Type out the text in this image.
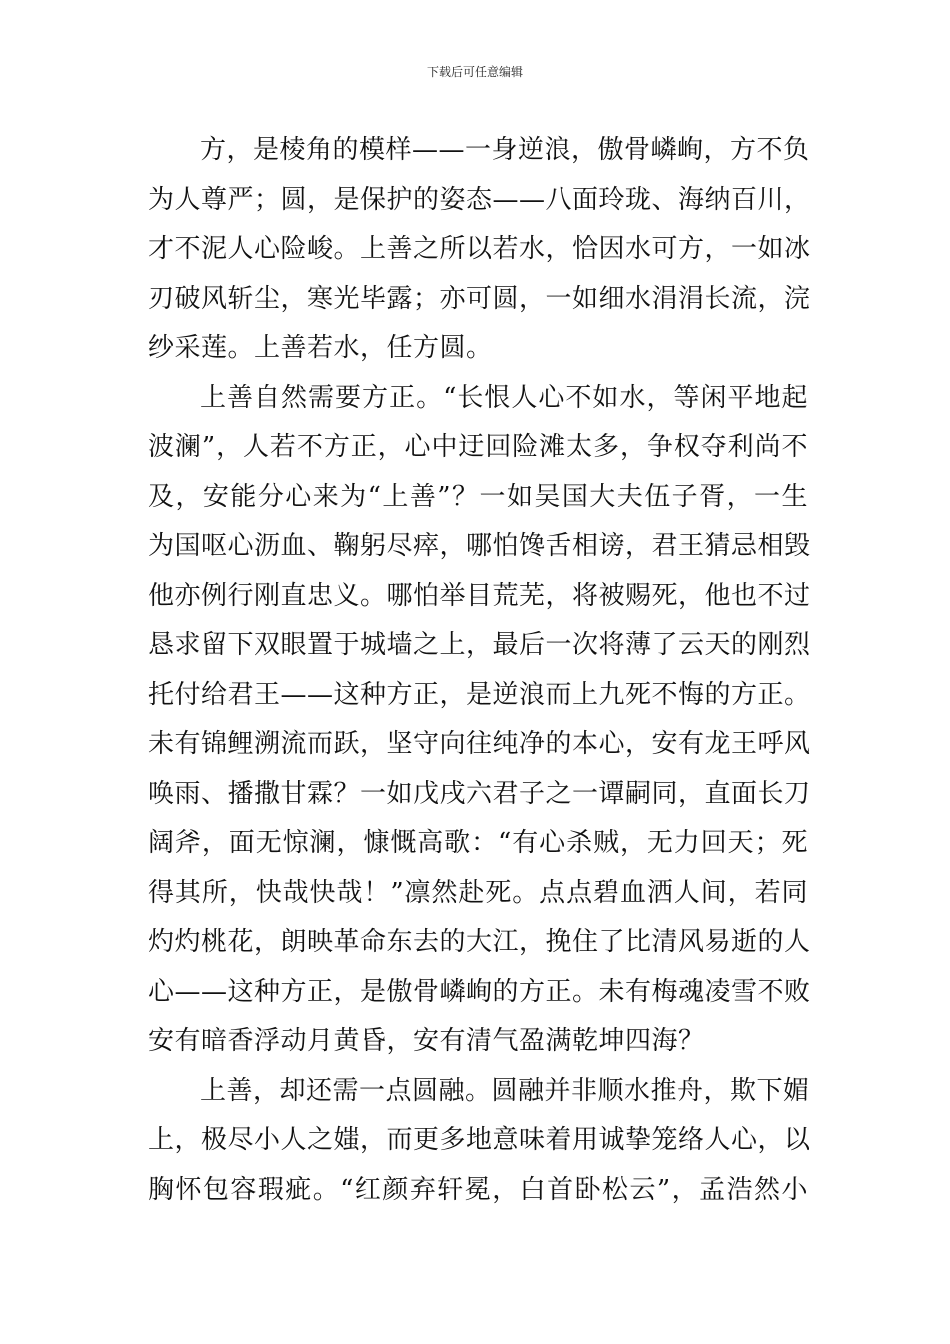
下载后可任意编辑
方，是棱角的模样——一身逆浪，傲骨嶙峋，方不负
为人尊严；圆，是保护的姿态——八面玲珑、海纳百川，
才不泥人心险峻。上善之所以若水，恰因水可方，一如冰
刃破风斩尘，寒光毕露；亦可圆，一如细水涓涓长流，浣
纱采莲。上善若水，任方圆。
上善自然需要方正。“长恨人心不如水，等闲平地起
波澜”，人若不方正，心中迂回险滩太多，争权夺利尚不
及，安能分心来为“上善”？一如吴国大夫伍子胥，一生
为国呕心沥血、鞠躬尽瘁，哪怕馋舌相谤，君王猜忌相毁
他亦例行刚直忠义。哪怕举目荒芜，将被赐死，他也不过
恳求留下双眼置于城墙之上，最后一次将薄了云天的刚烈
托付给君王——这种方正，是逆浪而上九死不悔的方正。
未有锦鲤溯流而跃，坚守向往纯净的本心，安有龙王呼风
唤雨、播撒甘霖？一如戊戌六君子之一谭嗣同，直面长刀
阔斧，面无惊澜，慷慨高歌：“有心杀贼，无力回天；死
得其所，快哉快哉！”凛然赴死。点点碧血洒人间，若同
灼灼桃花，朗映革命东去的大江，挽住了比清风易逝的人
心——这种方正，是傲骨嶙峋的方正。未有梅魂凌雪不败
安有暗香浮动月黄昏，安有清气盈满乾坤四海？
上善，却还需一点圆融。圆融并非顺水推舟，欺下媚
上，极尽小人之媸，而更多地意味着用诚挚笼络人心，以
胸怀包容瑕疵。“红颜弃轩冕，白首卧松云”，孟浩然小
